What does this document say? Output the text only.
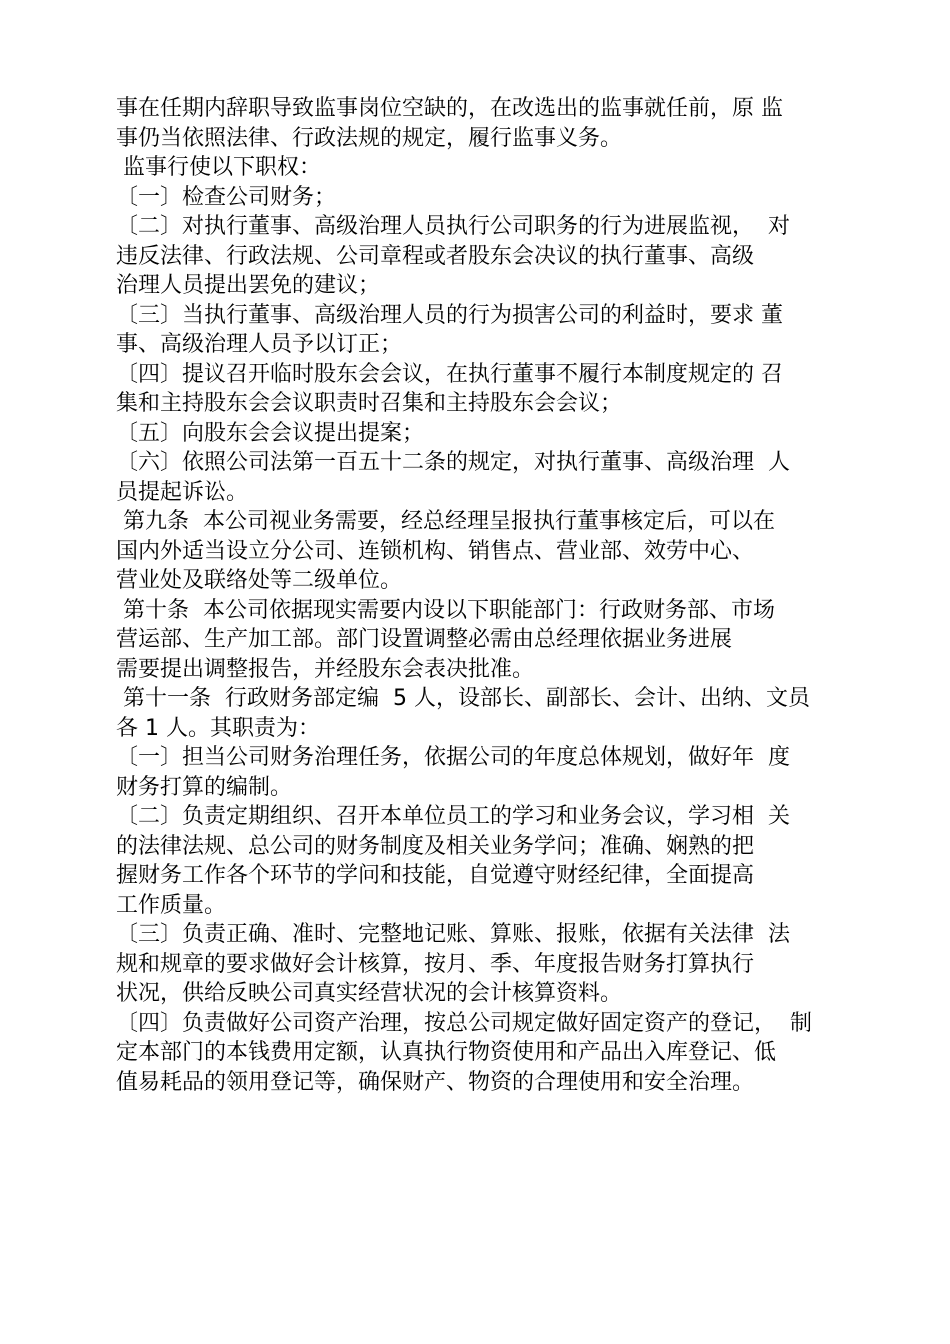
事在任期内辞职导致监事岗位空缺的，在改选出的监事就任前，原 监
事仍当依照法律、行政法规的规定，履行监事义务。
监事行使以下职权：
〔一〕检查公司财务；
〔二〕对执行董事、高级治理人员执行公司职务的行为进展监视，  对
违反法律、行政法规、公司章程或者股东会决议的执行董事、高级
治理人员提出罢免的建议；
〔三〕当执行董事、高级治理人员的行为损害公司的利益时，要求 董
事、高级治理人员予以订正；
〔四〕提议召开临时股东会会议，在执行董事不履行本制度规定的 召
集和主持股东会会议职责时召集和主持股东会会议；
〔五〕向股东会会议提出提案；
〔六〕依照公司法第一百五十二条的规定，对执行董事、高级治理  人
员提起诉讼。
第九条  本公司视业务需要，经总经理呈报执行董事核定后，可以在
国内外适当设立分公司、连锁机构、销售点、营业部、效劳中心、
营业处及联络处等二级单位。
第十条  本公司依据现实需要内设以下职能部门：行政财务部、市场
营运部、生产加工部。部门设置调整必需由总经理依据业务进展
需要提出调整报告，并经股东会表决批准。
第十一条  行政财务部定编  5 人，设部长、副部长、会计、出纳、文员
各 1 人。其职责为：
〔一〕担当公司财务治理任务，依据公司的年度总体规划，做好年  度
财务打算的编制。
〔二〕负责定期组织、召开本单位员工的学习和业务会议，学习相  关
的法律法规、总公司的财务制度及相关业务学问；准确、娴熟的把
握财务工作各个环节的学问和技能，自觉遵守财经纪律，全面提高
工作质量。
〔三〕负责正确、准时、完整地记账、算账、报账，依据有关法律  法
规和规章的要求做好会计核算，按月、季、年度报告财务打算执行
状况，供给反映公司真实经营状况的会计核算资料。
〔四〕负责做好公司资产治理，按总公司规定做好固定资产的登记，  制
定本部门的本钱费用定额，认真执行物资使用和产品出入库登记、低
值易耗品的领用登记等，确保财产、物资的合理使用和安全治理。
